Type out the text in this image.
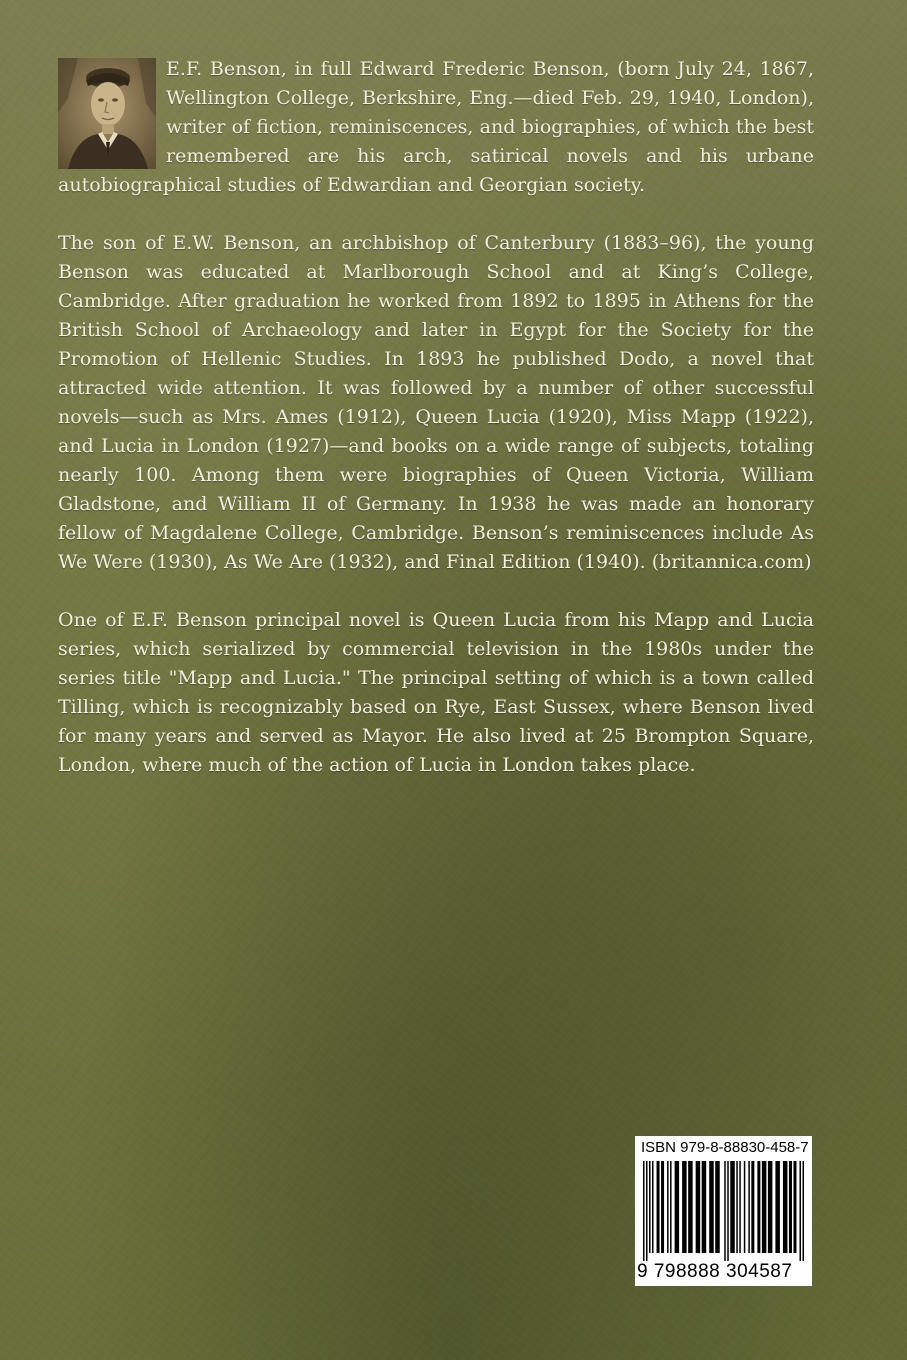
E.F. Benson, in full Edward Frederic Benson, (born July 24, 1867, Wellington College, Berkshire, Eng.—died Feb. 29, 1940, London), writer of fiction, reminiscences, and biographies, of which the best remembered are his arch, satirical novels and his urbane autobiographical studies of Edwardian and Georgian society.

The son of E.W. Benson, an archbishop of Canterbury (1883–96), the young Benson was educated at Marlborough School and at King’s College, Cambridge. After graduation he worked from 1892 to 1895 in Athens for the British School of Archaeology and later in Egypt for the Society for the Promotion of Hellenic Studies. In 1893 he published Dodo, a novel that attracted wide attention. It was followed by a number of other successful novels—such as Mrs. Ames (1912), Queen Lucia (1920), Miss Mapp (1922), and Lucia in London (1927)—and books on a wide range of subjects, totaling nearly 100. Among them were biographies of Queen Victoria, William Gladstone, and William II of Germany. In 1938 he was made an honorary fellow of Magdalene College, Cambridge. Benson’s reminiscences include As We Were (1930), As We Are (1932), and Final Edition (1940). (britannica.com)

One of E.F. Benson principal novel is Queen Lucia from his Mapp and Lucia series, which serialized by commercial television in the 1980s under the series title "Mapp and Lucia." The principal setting of which is a town called Tilling, which is recognizably based on Rye, East Sussex, where Benson lived for many years and served as Mayor. He also lived at 25 Brompton Square, London, where much of the action of Lucia in London takes place.

ISBN 979-8-88830-458-7
9 798888 304587
